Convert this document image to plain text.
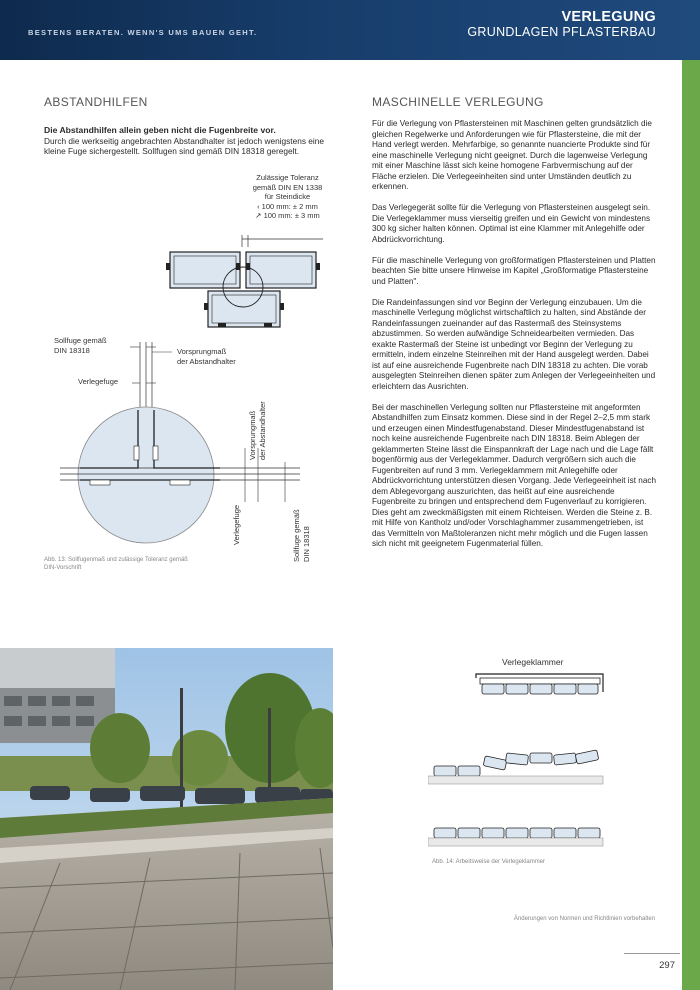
BESTENS BERATEN. WENN'S UMS BAUEN GEHT.
VERLEGUNG
GRUNDLAGEN PFLASTERBAU
ABSTANDHILFEN
Die Abstandhilfen allein geben nicht die Fugenbreite vor.
Durch die werkseitig angebrachten Abstandhalter ist jedoch wenigstens eine kleine Fuge sichergestellt. Sollfugen sind gemäß DIN 18318 geregelt.
Zulässige Toleranz
gemäß DIN EN 1338
für Steindicke
‹ 100 mm: ± 2 mm
↗ 100 mm: ± 3 mm
Sollfuge gemäß
DIN 18318	Vorsprungmaß
der Abstandhalter
Verlegefuge
Vorsprungmaß der Abstandhalter
Verlegefuge	Sollfuge gemäß DIN 18318
Abb. 13: Sollfugenmaß und zulässige Toleranz gemäß
DIN-Vorschrift
MASCHINELLE VERLEGUNG

Für die Verlegung von Pflastersteinen mit Maschinen gelten grundsätzlich die gleichen Regelwerke und Anforderungen wie für Pflastersteine, die mit der Hand verlegt werden. Mehrfarbige, so genannte nuancierte Produkte sind für eine maschinelle Verlegung nicht geeignet. Durch die lagenweise Verlegung mit einer Maschine lässt sich keine homogene Farbvermischung auf der Fläche erzielen. Die Verlegeeinheiten sind unter Umständen deutlich zu erkennen.

Das Verlegegerät sollte für die Verlegung von Pflastersteinen ausgelegt sein. Die Verlegeklammer muss vierseitig greifen und ein Gewicht von mindestens 300 kg sicher halten können. Optimal ist eine Klammer mit Anlegehilfe oder Abdrückvorrichtung.

Für die maschinelle Verlegung von großformatigen Pflastersteinen und Platten beachten Sie bitte unsere Hinweise im Kapitel „Großformatige Pflastersteine und Platten".

Die Randeinfassungen sind vor Beginn der Verlegung einzubauen. Um die maschinelle Verlegung möglichst wirtschaftlich zu halten, sind Abstände der Randeinfassungen zueinander auf das Rastermaß des Steinsystems abzustimmen. So werden aufwändige Schneidearbeiten vermieden. Das exakte Rastermaß der Steine ist unbedingt vor Beginn der Verlegung zu ermitteln, indem einzelne Steinreihen mit der Hand ausgelegt werden. Dabei ist auf eine ausreichende Fugenbreite nach DIN 18318 zu achten. Die vorab ausgelegten Steinreihen dienen später zum Anlegen der Verlegeeinheiten und erleichtern das Ausrichten.

Bei der maschinellen Verlegung sollten nur Pflastersteine mit angeformten Abstandhilfen zum Einsatz kommen. Diese sind in der Regel 2–2,5 mm stark und erzeugen einen Mindestfugenabstand. Dieser Mindestfugenabstand ist noch keine ausreichende Fugenbreite nach DIN 18318. Beim Ablegen der geklammerten Steine lässt die Einspannkraft der Lage nach und die Lage fällt bogenförmig aus der Verlegeklammer. Dadurch vergrößern sich auch die Fugenbreiten auf rund 3 mm. Verlegeklammern mit Anlegehilfe oder Abdrückvorrichtung unterstützen diesen Vorgang. Jede Verlegeeinheit ist nach dem Ablegevorgang auszurichten, das heißt auf eine ausreichende Fugenbreite zu bringen und entsprechend dem Fugenverlauf zu korrigieren. Dies geht am zweckmäßigsten mit einem Richteisen. Werden die Steine z. B. mit Hilfe von Kantholz und/oder Vorschlaghammer zusammengetrieben, ist das Vermitteln von Maßtoleranzen nicht mehr möglich und die Fugen lassen sich nicht mit geeignetem Fugenmaterial füllen.

Verlegeklammer
Abb. 14: Arbeitsweise der Verlegeklammer
Änderungen von Normen und Richtlinien vorbehalten
297
